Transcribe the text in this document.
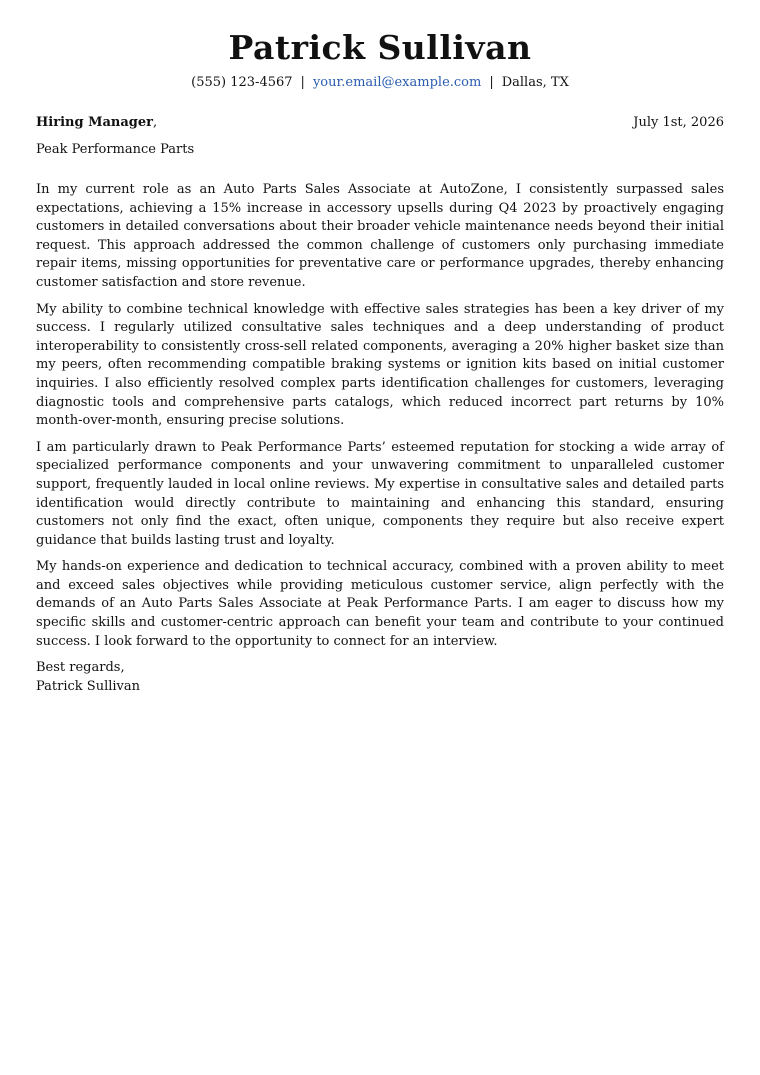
Patrick Sullivan
(555) 123-4567 | your.email@example.com | Dallas, TX
Hiring Manager,	July 1st, 2026
Peak Performance Parts

In my current role as an Auto Parts Sales Associate at AutoZone, I consistently surpassed sales expectations, achieving a 15% increase in accessory upsells during Q4 2023 by proactively engaging customers in detailed conversations about their broader vehicle maintenance needs beyond their initial request. This approach addressed the common challenge of customers only purchasing immediate repair items, missing opportunities for preventative care or performance upgrades, thereby enhancing customer satisfaction and store revenue.

My ability to combine technical knowledge with effective sales strategies has been a key driver of my success. I regularly utilized consultative sales techniques and a deep understanding of product interoperability to consistently cross-sell related components, averaging a 20% higher basket size than my peers, often recommending compatible braking systems or ignition kits based on initial customer inquiries. I also efficiently resolved complex parts identification challenges for customers, leveraging diagnostic tools and comprehensive parts catalogs, which reduced incorrect part returns by 10% month-over-month, ensuring precise solutions.

I am particularly drawn to Peak Performance Parts’ esteemed reputation for stocking a wide array of specialized performance components and your unwavering commitment to unparalleled customer support, frequently lauded in local online reviews. My expertise in consultative sales and detailed parts identification would directly contribute to maintaining and enhancing this standard, ensuring customers not only find the exact, often unique, components they require but also receive expert guidance that builds lasting trust and loyalty.

My hands-on experience and dedication to technical accuracy, combined with a proven ability to meet and exceed sales objectives while providing meticulous customer service, align perfectly with the demands of an Auto Parts Sales Associate at Peak Performance Parts. I am eager to discuss how my specific skills and customer-centric approach can benefit your team and contribute to your continued success. I look forward to the opportunity to connect for an interview.

Best regards,
Patrick Sullivan
